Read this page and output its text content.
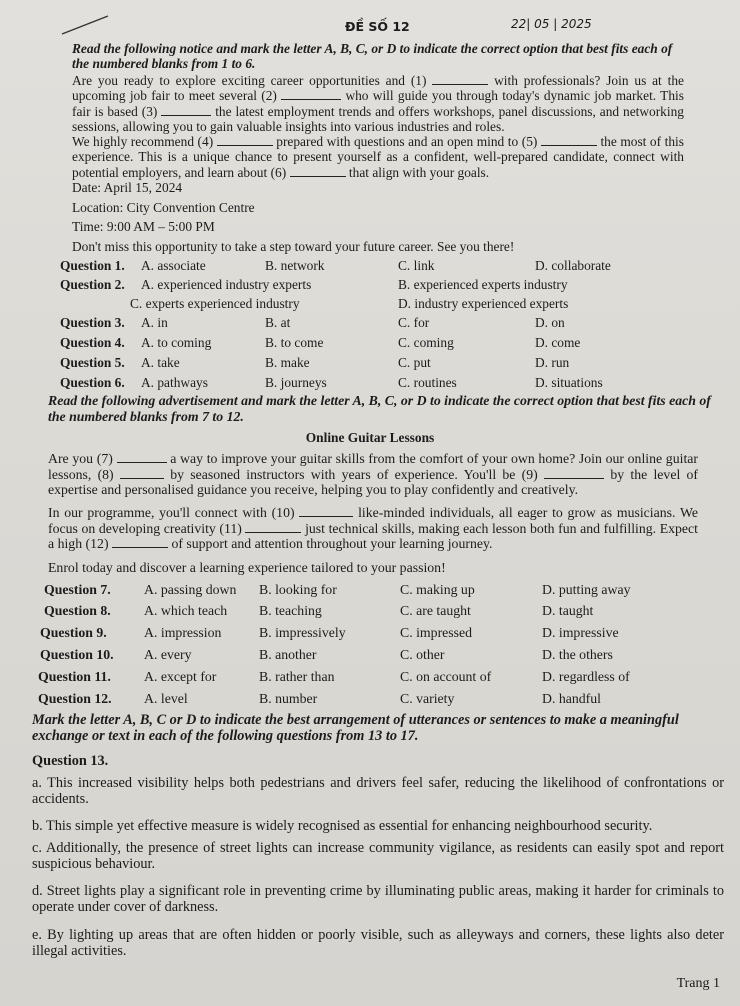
ĐỀ SỐ 12	22| 05 | 2025
Read the following notice and mark the letter A, B, C, or D to indicate the correct option that best fits each of the numbered blanks from 1 to 6.
Are you ready to explore exciting career opportunities and (1)	with professionals? Join us at the upcoming job fair to meet several (2)	who will guide you through today's dynamic job market. This fair is based (3)	the latest employment trends and offers workshops, panel discussions, and networking sessions, allowing you to gain valuable insights into various industries and roles.
We highly recommend (4)	prepared with questions and an open mind to (5)	the most of this experience. This is a unique chance to present yourself as a confident, well-prepared candidate, connect with potential employers, and learn about (6)	that align with your goals.
Date: April 15, 2024
Location: City Convention Centre
Time: 9:00 AM – 5:00 PM
Don't miss this opportunity to take a step toward your future career. See you there!
Question 1. A. associate	B. network	C. link	D. collaborate
Question 2. A. experienced industry experts	B. experienced experts industry
C. experts experienced industry	D. industry experienced experts
Question 3. A. in	B. at	C. for	D. on
Question 4. A. to coming	B. to come	C. coming	D. come
Question 5. A. take	B. make	C. put	D. run
Question 6. A. pathways	B. journeys	C. routines	D. situations
Read the following advertisement and mark the letter A, B, C, or D to indicate the correct option that best fits each of the numbered blanks from 7 to 12.
Online Guitar Lessons
Are you (7)	a way to improve your guitar skills from the comfort of your own home? Join our online guitar lessons, (8)	by seasoned instructors with years of experience. You'll be (9)	by the level of expertise and personalised guidance you receive, helping you to play confidently and creatively.
In our programme, you'll connect with (10)	like-minded individuals, all eager to grow as musicians. We focus on developing creativity (11)	just technical skills, making each lesson both fun and fulfilling. Expect a high (12)	of support and attention throughout your learning journey.
Enrol today and discover a learning experience tailored to your passion!
Question 7. A. passing down B. looking for	C. making up	D. putting away
Question 8. A. which teach B. teaching	C. are taught	D. taught
Question 9.	A. impression	B. impressively	C. impressed	D. impressive
Question 10. A. every	B. another	C. other	D. the others
Question 11. A. except for	B. rather than	C. on account of	D. regardless of
Question 12. A. level	B. number	C. variety	D. handful
Mark the letter A, B, C or D to indicate the best arrangement of utterances or sentences to make a meaningful exchange or text in each of the following questions from 13 to 17.
Question 13.
a. This increased visibility helps both pedestrians and drivers feel safer, reducing the likelihood of confrontations or accidents.
b. This simple yet effective measure is widely recognised as essential for enhancing neighbourhood security.
c. Additionally, the presence of street lights can increase community vigilance, as residents can easily spot and report suspicious behaviour.
d. Street lights play a significant role in preventing crime by illuminating public areas, making it harder for criminals to operate under cover of darkness.
e. By lighting up areas that are often hidden or poorly visible, such as alleyways and corners, these lights also deter illegal activities.
Trang 1
